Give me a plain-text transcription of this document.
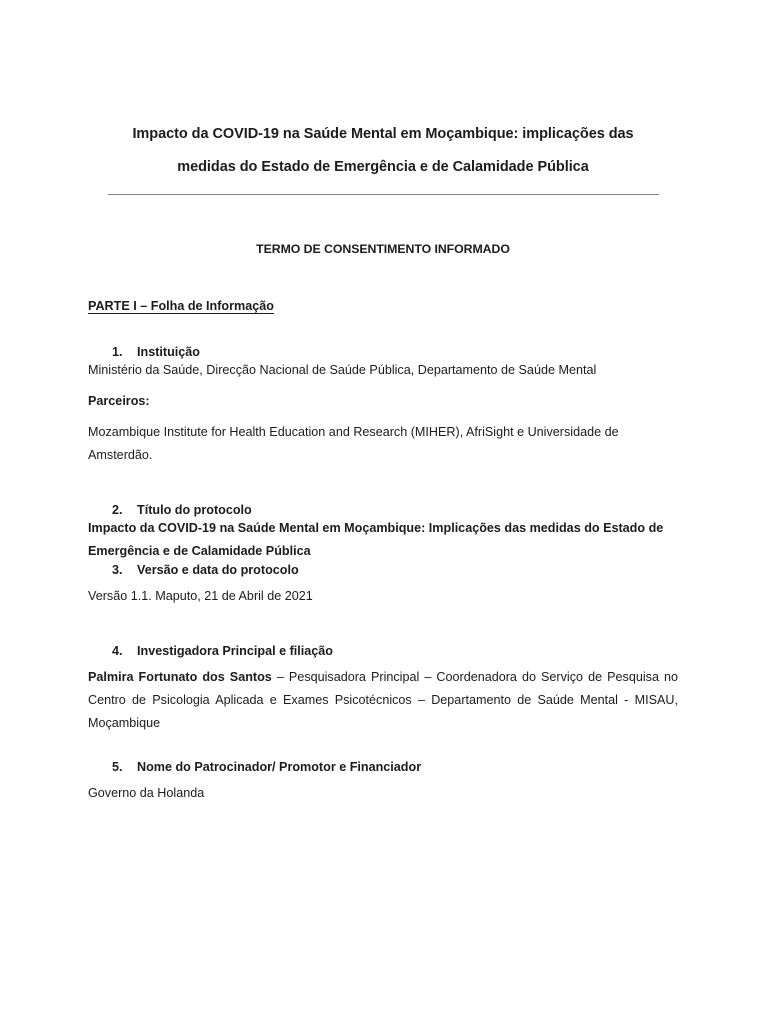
Impacto da COVID-19 na Saúde Mental em Moçambique: implicações das
medidas do Estado de Emergência e de Calamidade Pública

TERMO DE CONSENTIMENTO INFORMADO

PARTE I – Folha de Informação

1.	Instituição

Ministério da Saúde, Direcção Nacional de Saúde Pública, Departamento de Saúde Mental

Parceiros:

Mozambique Institute for Health Education and Research (MIHER), AfriSight e Universidade de Amsterdão.

2.	Título do protocolo

Impacto da COVID-19 na Saúde Mental em Moçambique: Implicações das medidas do Estado de Emergência e de Calamidade Pública

3.	Versão e data do protocolo

Versão 1.1. Maputo, 21 de Abril de 2021

4.	Investigadora Principal e filiação

Palmira Fortunato dos Santos – Pesquisadora Principal – Coordenadora do Serviço de Pesquisa no Centro de Psicologia Aplicada e Exames Psicotécnicos – Departamento de Saúde Mental - MISAU, Moçambique

5.	Nome do Patrocinador/ Promotor e Financiador

Governo da Holanda
